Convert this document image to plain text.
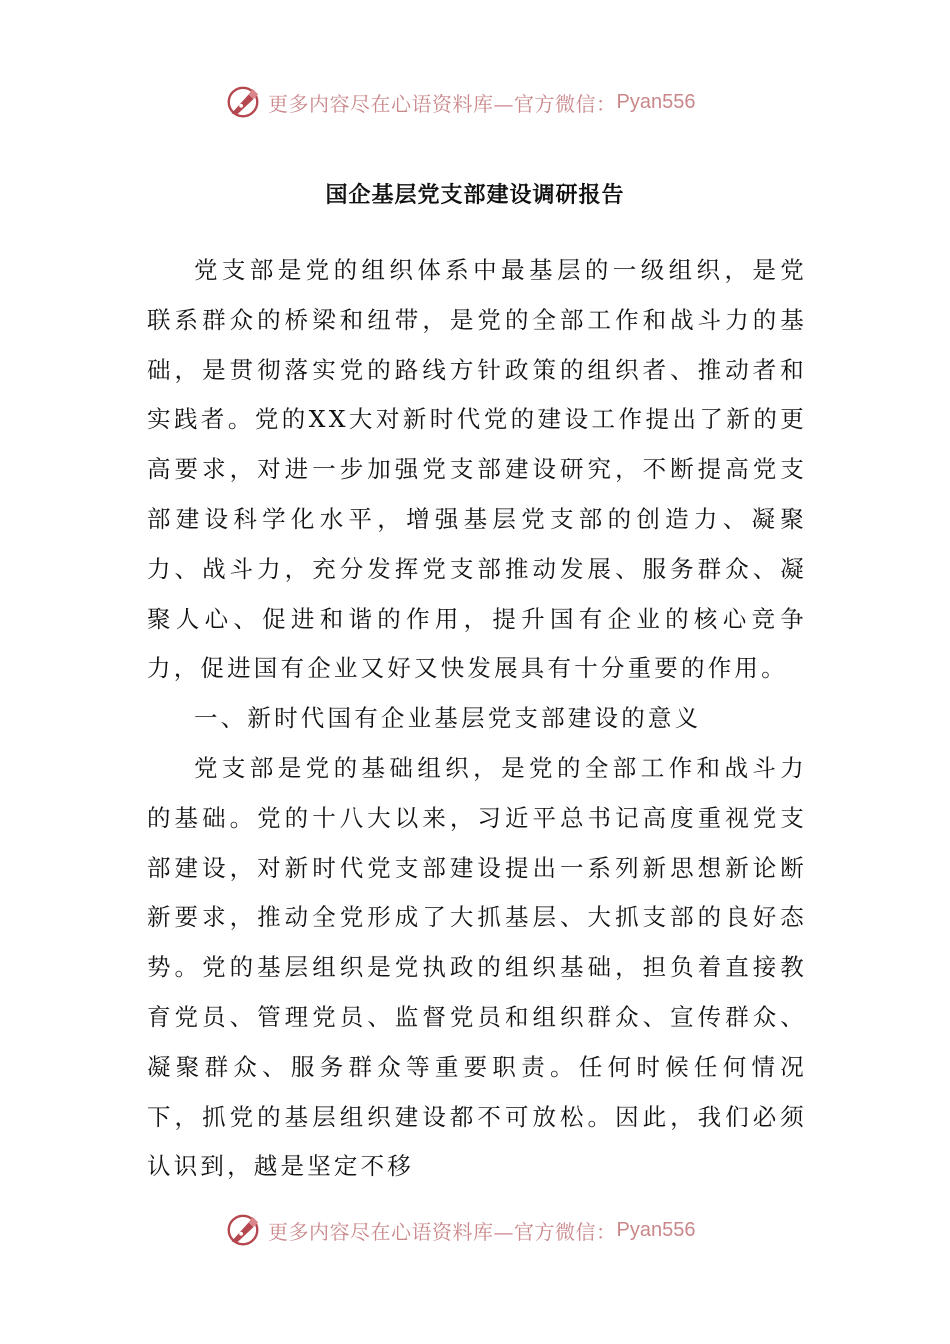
更多内容尽在心语资料库—官方微信： Pyan556
国企基层党支部建设调研报告

党支部是党的组织体系中最基层的一级组织，是党联系群众的桥梁和纽带，是党的全部工作和战斗力的基础，是贯彻落实党的路线方针政策的组织者、推动者和实践者。党的XX大对新时代党的建设工作提出了新的更高要求，对进一步加强党支部建设研究，不断提高党支部建设科学化水平，增强基层党支部的创造力、凝聚力、战斗力，充分发挥党支部推动发展、服务群众、凝聚人心、促进和谐的作用，提升国有企业的核心竞争力，促进国有企业又好又快发展具有十分重要的作用。

一、新时代国有企业基层党支部建设的意义

党支部是党的基础组织，是党的全部工作和战斗力的基础。党的十八大以来，习近平总书记高度重视党支部建设，对新时代党支部建设提出一系列新思想新论断新要求，推动全党形成了大抓基层、大抓支部的良好态势。党的基层组织是党执政的组织基础，担负着直接教育党员、管理党员、监督党员和组织群众、宣传群众、凝聚群众、服务群众等重要职责。任何时候任何情况下，抓党的基层组织建设都不可放松。因此，我们必须认识到，越是坚定不移

更多内容尽在心语资料库—官方微信： Pyan556
